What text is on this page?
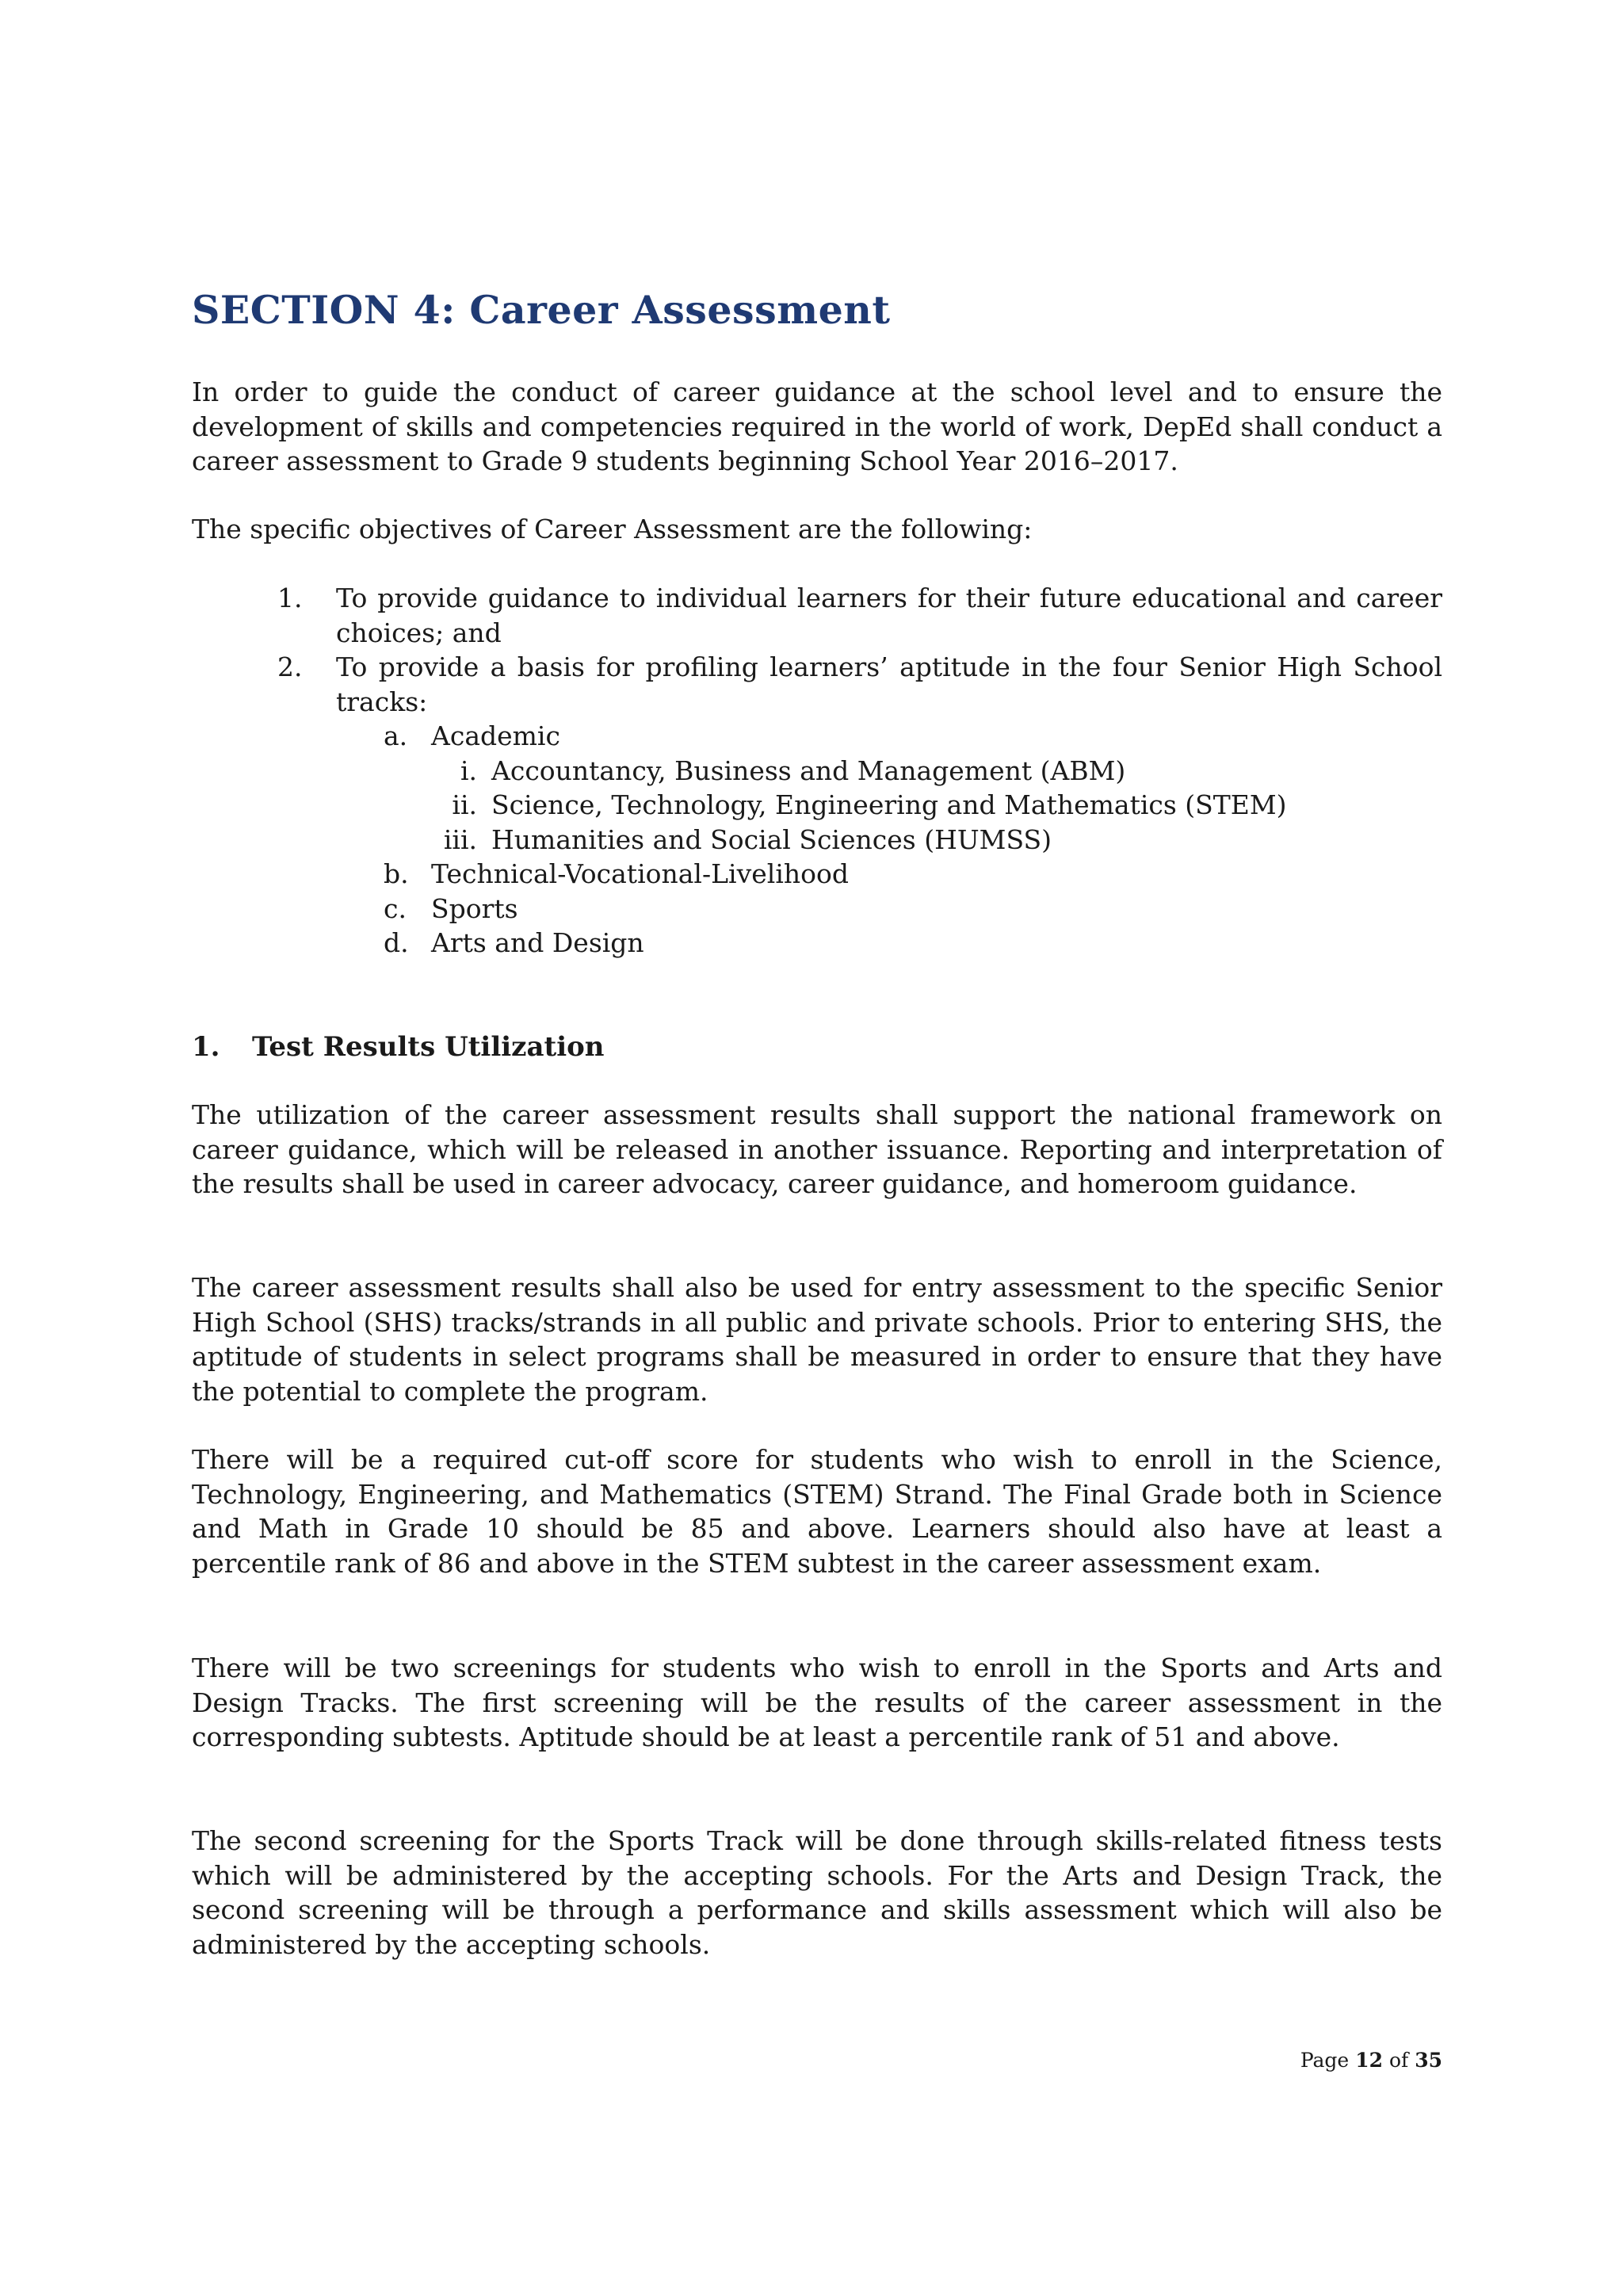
SECTION 4: Career Assessment

In order to guide the conduct of career guidance at the school level and to ensure the development of skills and competencies required in the world of work, DepEd shall conduct a career assessment to Grade 9 students beginning School Year 2016–2017.

The specific objectives of Career Assessment are the following:

1. To provide guidance to individual learners for their future educational and career choices; and
2. To provide a basis for profiling learners’ aptitude in the four Senior High School tracks:
a. Academic
i. Accountancy, Business and Management (ABM)
ii. Science, Technology, Engineering and Mathematics (STEM)
iii. Humanities and Social Sciences (HUMSS)
b. Technical-Vocational-Livelihood
c. Sports
d. Arts and Design
1. Test Results Utilization

The utilization of the career assessment results shall support the national framework on career guidance, which will be released in another issuance. Reporting and interpretation of the results shall be used in career advocacy, career guidance, and homeroom guidance.

The career assessment results shall also be used for entry assessment to the specific Senior High School (SHS) tracks/strands in all public and private schools. Prior to entering SHS, the aptitude of students in select programs shall be measured in order to ensure that they have the potential to complete the program.

There will be a required cut-off score for students who wish to enroll in the Science, Technology, Engineering, and Mathematics (STEM) Strand. The Final Grade both in Science and Math in Grade 10 should be 85 and above. Learners should also have at least a percentile rank of 86 and above in the STEM subtest in the career assessment exam.

There will be two screenings for students who wish to enroll in the Sports and Arts and Design Tracks. The first screening will be the results of the career assessment in the corresponding subtests. Aptitude should be at least a percentile rank of 51 and above.

The second screening for the Sports Track will be done through skills-related fitness tests which will be administered by the accepting schools. For the Arts and Design Track, the second screening will be through a performance and skills assessment which will also be administered by the accepting schools.

Page 12 of 35
